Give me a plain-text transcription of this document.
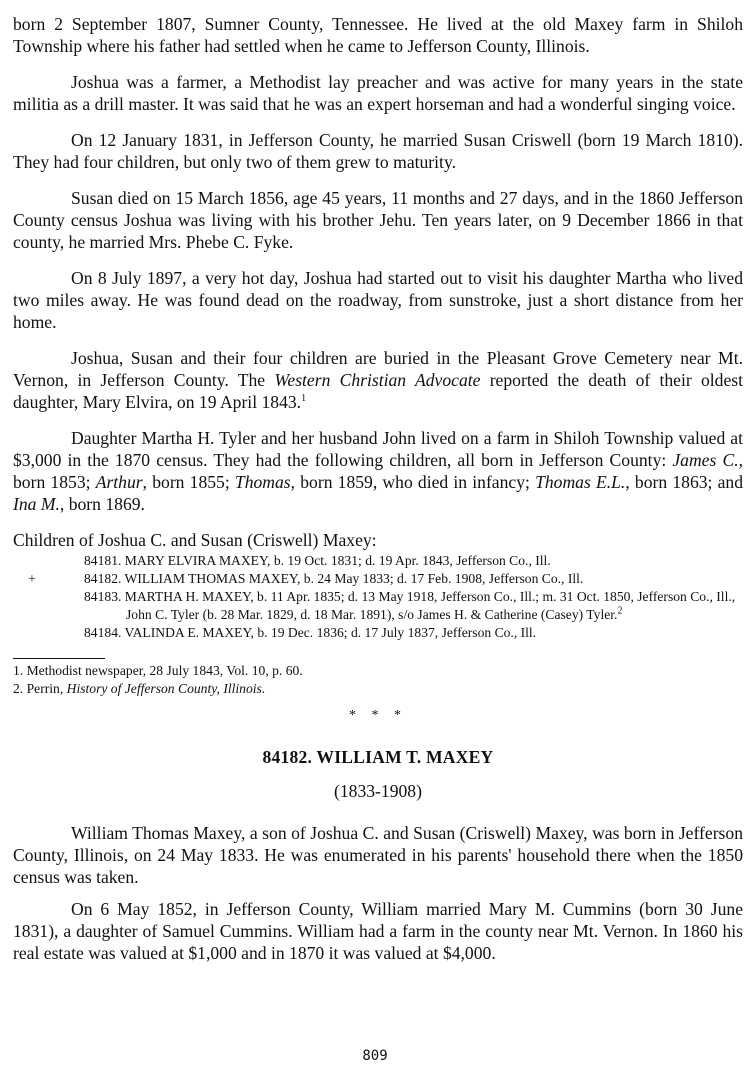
born 2 September 1807, Sumner County, Tennessee. He lived at the old Maxey farm in Shiloh Township where his father had settled when he came to Jefferson County, Illinois.

Joshua was a farmer, a Methodist lay preacher and was active for many years in the state militia as a drill master. It was said that he was an expert horseman and had a wonderful singing voice.

On 12 January 1831, in Jefferson County, he married Susan Criswell (born 19 March 1810). They had four children, but only two of them grew to maturity.

Susan died on 15 March 1856, age 45 years, 11 months and 27 days, and in the 1860 Jefferson County census Joshua was living with his brother Jehu. Ten years later, on 9 December 1866 in that county, he married Mrs. Phebe C. Fyke.

On 8 July 1897, a very hot day, Joshua had started out to visit his daughter Martha who lived two miles away. He was found dead on the roadway, from sunstroke, just a short distance from her home.

Joshua, Susan and their four children are buried in the Pleasant Grove Cemetery near Mt. Vernon, in Jefferson County. The Western Christian Advocate reported the death of their oldest daughter, Mary Elvira, on 19 April 1843.$^1$

Daughter Martha H. Tyler and her husband John lived on a farm in Shiloh Township valued at $3,000 in the 1870 census. They had the following children, all born in Jefferson County: James C., born 1853; Arthur, born 1855; Thomas, born 1859, who died in infancy; Thomas E.L., born 1863; and Ina M., born 1869.

Children of Joshua C. and Susan (Criswell) Maxey:
84181. MARY ELVIRA MAXEY, b. 19 Oct. 1831; d. 19 Apr. 1843, Jefferson Co., Ill.
+	84182. WILLIAM THOMAS MAXEY, b. 24 May 1833; d. 17 Feb. 1908, Jefferson Co., Ill.
84183. MARTHA H. MAXEY, b. 11 Apr. 1835; d. 13 May 1918, Jefferson Co., Ill.; m. 31 Oct. 1850, Jefferson Co., Ill., John C. Tyler (b. 28 Mar. 1829, d. 18 Mar. 1891), s/o James H. & Catherine (Casey) Tyler.$^2$
84184. VALINDA E. MAXEY, b. 19 Dec. 1836; d. 17 July 1837, Jefferson Co., Ill.
1. Methodist newspaper, 28 July 1843, Vol. 10, p. 60.
2. Perrin, History of Jefferson County, Illinois.
* * *
84182. WILLIAM T. MAXEY
(1833-1908)

William Thomas Maxey, a son of Joshua C. and Susan (Criswell) Maxey, was born in Jefferson County, Illinois, on 24 May 1833. He was enumerated in his parents' household there when the 1850 census was taken.

On 6 May 1852, in Jefferson County, William married Mary M. Cummins (born 30 June 1831), a daughter of Samuel Cummins. William had a farm in the county near Mt. Vernon. In 1860 his real estate was valued at $1,000 and in 1870 it was valued at $4,000.

809
